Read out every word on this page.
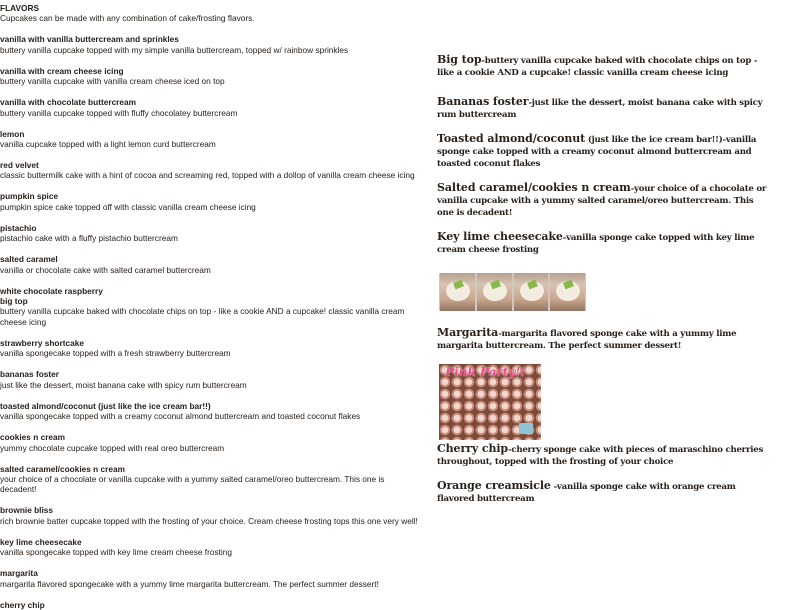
FLAVORS
Cupcakes can be made with any combination of cake/frosting flavors.
vanilla with vanilla buttercream and sprinkles
buttery vanilla cupcake topped with my simple vanilla buttercream, topped w/ rainbow sprinkles
vanilla with cream cheese icing
buttery vanilla cupcake with vanilla cream cheese iced on top
vanilla with chocolate buttercream
buttery vanilla cupcake topped with fluffy chocolatey buttercream
lemon
vanilla cupcake topped with a light lemon curd buttercream
red velvet
classic buttermilk cake with a hint of cocoa and screaming red, topped with a dollop of vanilla cream cheese icing
pumpkin spice
pumpkin spice cake topped off with classic vanilla cream cheese icing
pistachio
pistachio cake with a fluffy pistachio buttercream
salted caramel
vanilla or chocolate cake with salted caramel buttercream
white chocolate raspberry
big top
buttery vanilla cupcake baked with chocolate chips on top - like a cookie AND a cupcake! classic vanilla cream cheese icing
strawberry shortcake
vanilla spongecake topped with a fresh strawberry buttercream
bananas foster
just like the dessert, moist banana cake with spicy rum buttercream
toasted almond/coconut (just like the ice cream bar!!)
vanilla spongecake topped with a creamy coconut almond buttercream and toasted coconut flakes
cookies n cream
yummy chocolate cupcake topped with real oreo buttercream
salted caramel/cookies n cream
your choice of a chocolate or vanilla cupcake with a yummy salted caramel/oreo buttercream. This one is decadent!
brownie bliss
rich brownie batter cupcake topped with the frosting of your choice. Cream cheese frosting tops this one very well!
key lime cheesecake
vanilla spongecake topped with key lime cream cheese frosting
margarita
margarita flavored spongecake with a yummy lime margarita buttercream. The perfect summer dessert!
cherry chip
Big top-buttery vanilla cupcake baked with chocolate chips on top - like a cookie AND a cupcake! classic vanilla cream cheese icing
Bananas foster-just like the dessert, moist banana cake with spicy rum buttercream
Toasted almond/coconut (just like the ice cream bar!!)-vanilla sponge cake topped with a creamy coconut almond buttercream and toasted coconut flakes
Salted caramel/cookies n cream-your choice of a chocolate or vanilla cupcake with a yummy salted caramel/oreo buttercream. This one is decadent!
Key lime cheesecake-vanilla sponge cake topped with key lime cream cheese frosting
Margarita-margarita flavored sponge cake with a yummy lime margarita buttercream. The perfect summer dessert!
Pink Party!!
Cherry chip-cherry sponge cake with pieces of maraschino cherries throughout, topped with the frosting of your choice
Orange creamsicle -vanilla sponge cake with orange cream flavored buttercream
